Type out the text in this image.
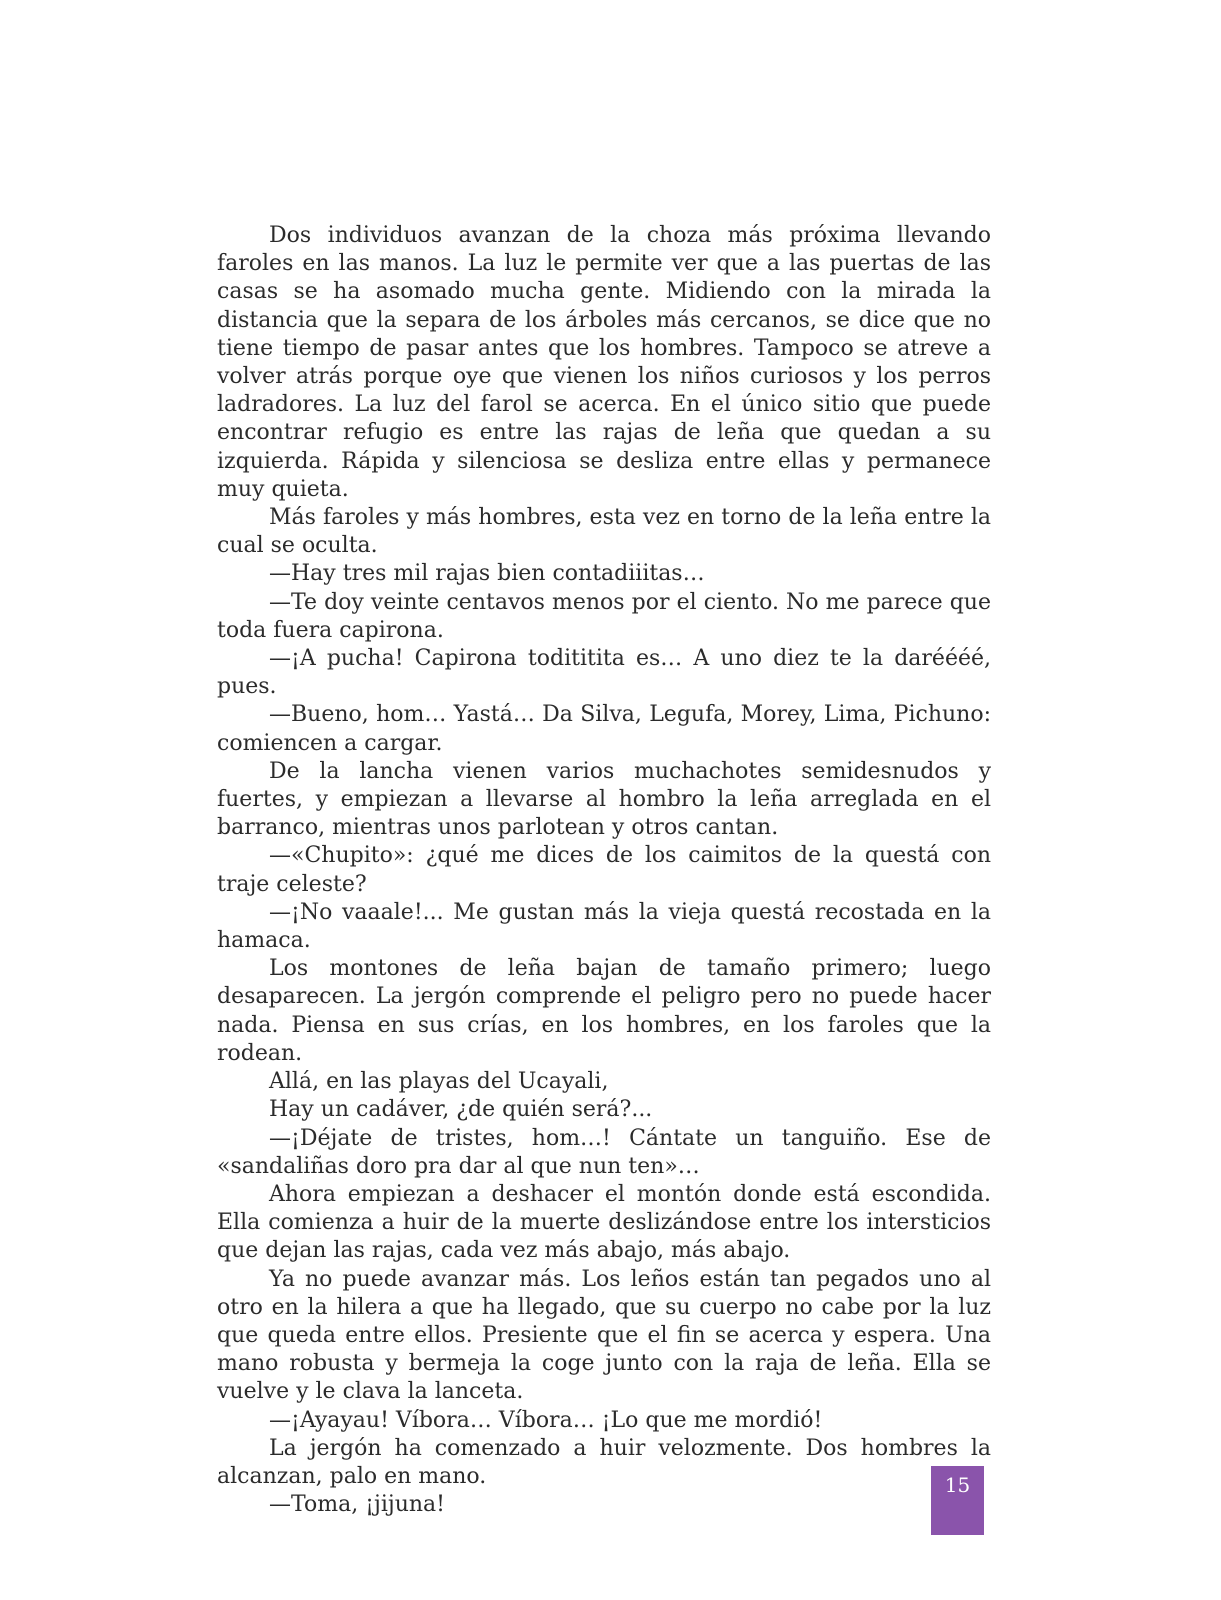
Dos individuos avanzan de la choza más próxima llevando faroles en las manos. La luz le permite ver que a las puertas de las casas se ha asomado mucha gente. Midiendo con la mirada la distancia que la separa de los árboles más cercanos, se dice que no tiene tiempo de pasar antes que los hombres. Tampoco se atreve a volver atrás porque oye que vienen los niños curiosos y los perros ladradores. La luz del farol se acerca. En el único sitio que puede encontrar refugio es entre las rajas de leña que quedan a su izquierda. Rápida y silenciosa se desliza entre ellas y permanece muy quieta.

Más faroles y más hombres, esta vez en torno de la leña entre la cual se oculta.

—Hay tres mil rajas bien contadiiitas…

—Te doy veinte centavos menos por el ciento. No me parece que toda fuera capirona.

—¡A pucha! Capirona todititita es… A uno diez te la daréééé, pues.

—Bueno, hom… Yastá… Da Silva, Legufa, Morey, Lima, Pichuno: comiencen a cargar.

De la lancha vienen varios muchachotes semidesnudos y fuertes, y empiezan a llevarse al hombro la leña arreglada en el barranco, mientras unos parlotean y otros cantan.

—«Chupito»: ¿qué me dices de los caimitos de la questá con traje celeste?

—¡No vaaale!... Me gustan más la vieja questá recostada en la hamaca.

Los montones de leña bajan de tamaño primero; luego desaparecen. La jergón comprende el peligro pero no puede hacer nada. Piensa en sus crías, en los hombres, en los faroles que la rodean.

Allá, en las playas del Ucayali,

Hay un cadáver, ¿de quién será?...

—¡Déjate de tristes, hom…! Cántate un tanguiño. Ese de «sandaliñas doro pra dar al que nun ten»…

Ahora empiezan a deshacer el montón donde está escondida. Ella comienza a huir de la muerte deslizándose entre los intersticios que dejan las rajas, cada vez más abajo, más abajo.

Ya no puede avanzar más. Los leños están tan pegados uno al otro en la hilera a que ha llegado, que su cuerpo no cabe por la luz que queda entre ellos. Presiente que el fin se acerca y espera. Una mano robusta y bermeja la coge junto con la raja de leña. Ella se vuelve y le clava la lanceta.

—¡Ayayau! Víbora… Víbora… ¡Lo que me mordió!

La jergón ha comenzado a huir velozmente. Dos hombres la alcanzan, palo en mano.

—Toma, ¡jijuna!

15
